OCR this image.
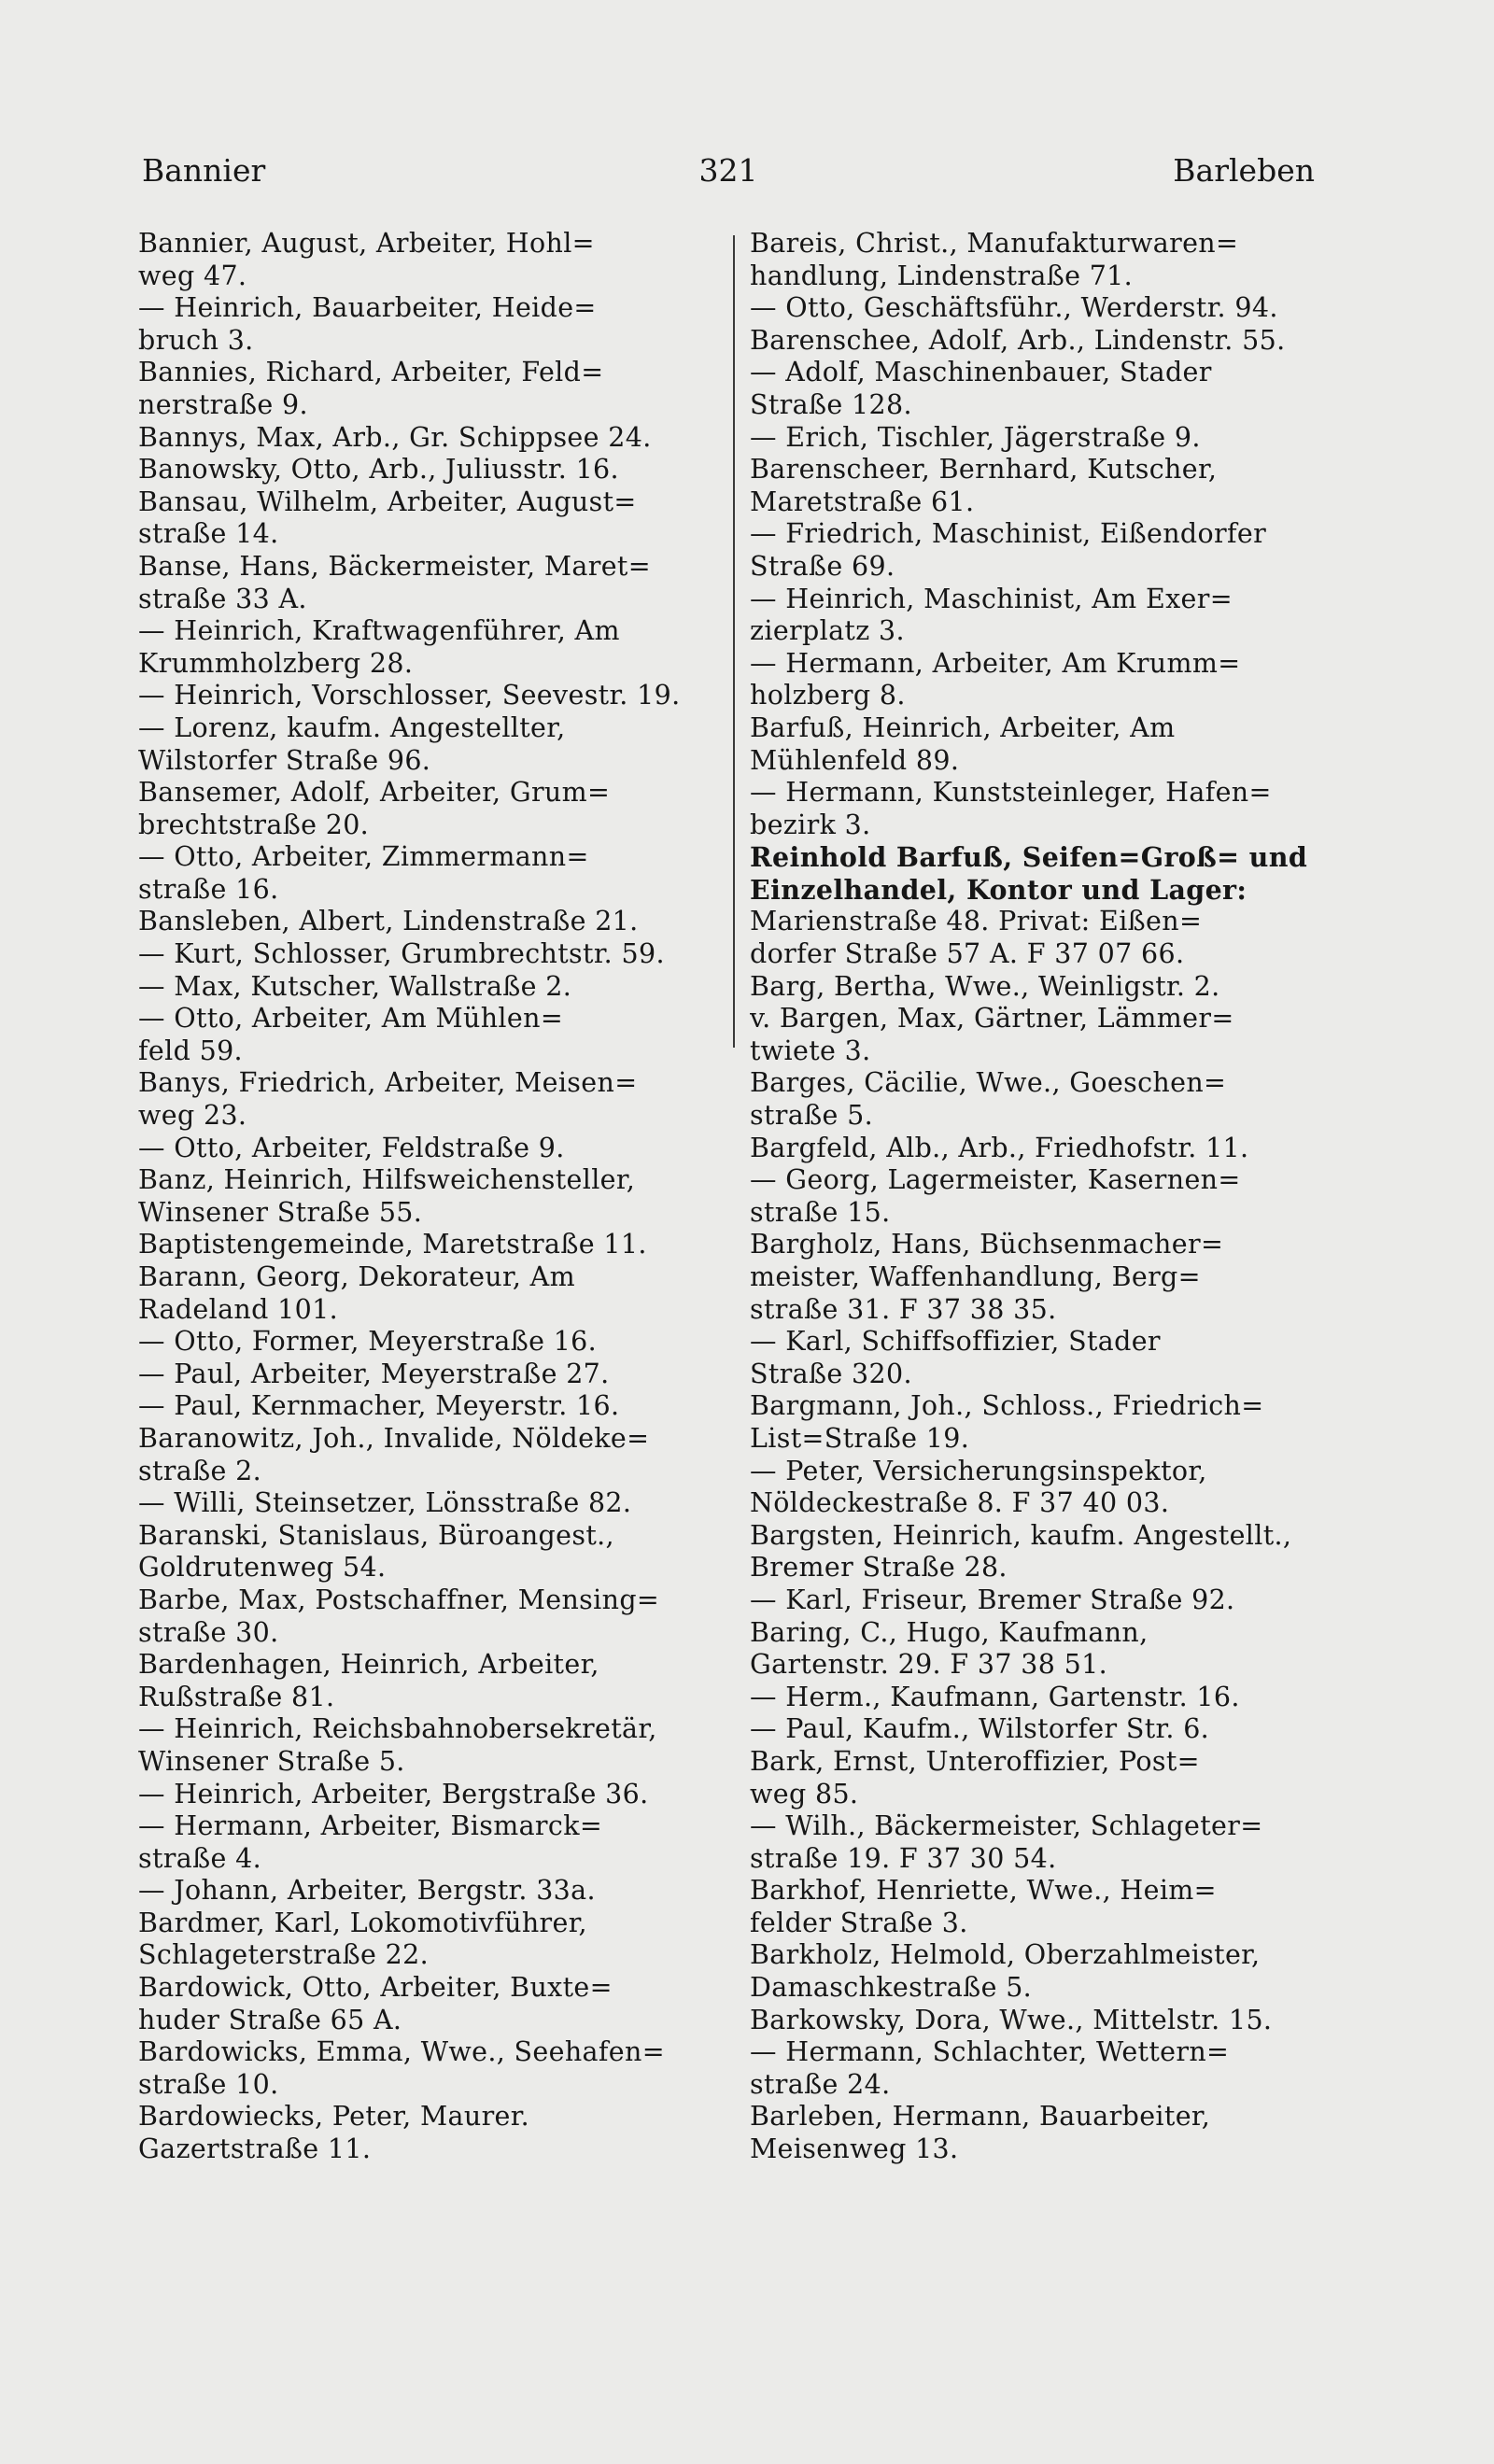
Bannier	321	Barleben
Bannier, August, Arbeiter, Hohl=
weg 47.
— Heinrich, Bauarbeiter, Heide=
bruch 3.
Bannies, Richard, Arbeiter, Feld=
nerstraße 9.
Bannys, Max, Arb., Gr. Schippsee 24.
Banowsky, Otto, Arb., Juliusstr. 16.
Bansau, Wilhelm, Arbeiter, August=
straße 14.
Banse, Hans, Bäckermeister, Maret=
straße 33 A.
— Heinrich, Kraftwagenführer, Am
Krummholzberg 28.
— Heinrich, Vorschlosser, Seevestr. 19.
— Lorenz, kaufm. Angestellter,
Wilstorfer Straße 96.
Bansemer, Adolf, Arbeiter, Grum=
brechtstraße 20.
— Otto, Arbeiter, Zimmermann=
straße 16.
Bansleben, Albert, Lindenstraße 21.
— Kurt, Schlosser, Grumbrechtstr. 59.
— Max, Kutscher, Wallstraße 2.
— Otto, Arbeiter, Am Mühlen=
feld 59.
Banys, Friedrich, Arbeiter, Meisen=
weg 23.
— Otto, Arbeiter, Feldstraße 9.
Banz, Heinrich, Hilfsweichensteller,
Winsener Straße 55.
Baptistengemeinde, Maretstraße 11.
Barann, Georg, Dekorateur, Am
Radeland 101.
— Otto, Former, Meyerstraße 16.
— Paul, Arbeiter, Meyerstraße 27.
— Paul, Kernmacher, Meyerstr. 16.
Baranowitz, Joh., Invalide, Nöldeke=
straße 2.
— Willi, Steinsetzer, Lönsstraße 82.
Baranski, Stanislaus, Büroangest.,
Goldrutenweg 54.
Barbe, Max, Postschaffner, Mensing=
straße 30.
Bardenhagen, Heinrich, Arbeiter,
Rußstraße 81.
— Heinrich, Reichsbahnobersekretär,
Winsener Straße 5.
— Heinrich, Arbeiter, Bergstraße 36.
— Hermann, Arbeiter, Bismarck=
straße 4.
— Johann, Arbeiter, Bergstr. 33a.
Bardmer, Karl, Lokomotivführer,
Schlageterstraße 22.
Bardowick, Otto, Arbeiter, Buxte=
huder Straße 65 A.
Bardowicks, Emma, Wwe., Seehafen=
straße 10.
Bardowiecks, Peter, Maurer.
Gazertstraße 11.
Bareis, Christ., Manufakturwaren=
handlung, Lindenstraße 71.
— Otto, Geschäftsführ., Werderstr. 94.
Barenschee, Adolf, Arb., Lindenstr. 55.
— Adolf, Maschinenbauer, Stader
Straße 128.
— Erich, Tischler, Jägerstraße 9.
Barenscheer, Bernhard, Kutscher,
Maretstraße 61.
— Friedrich, Maschinist, Eißendorfer
Straße 69.
— Heinrich, Maschinist, Am Exer=
zierplatz 3.
— Hermann, Arbeiter, Am Krumm=
holzberg 8.
Barfuß, Heinrich, Arbeiter, Am
Mühlenfeld 89.
— Hermann, Kunststeinleger, Hafen=
bezirk 3.
Reinhold Barfuß, Seifen=Groß= und
Einzelhandel, Kontor und Lager:
Marienstraße 48. Privat: Eißen=
dorfer Straße 57 A. F 37 07 66.
Barg, Bertha, Wwe., Weinligstr. 2.
v. Bargen, Max, Gärtner, Lämmer=
twiete 3.
Barges, Cäcilie, Wwe., Goeschen=
straße 5.
Bargfeld, Alb., Arb., Friedhofstr. 11.
— Georg, Lagermeister, Kasernen=
straße 15.
Bargholz, Hans, Büchsenmacher=
meister, Waffenhandlung, Berg=
straße 31. F 37 38 35.
— Karl, Schiffsoffizier, Stader
Straße 320.
Bargmann, Joh., Schloss., Friedrich=
List=Straße 19.
— Peter, Versicherungsinspektor,
Nöldeckestraße 8. F 37 40 03.
Bargsten, Heinrich, kaufm. Angestellt.,
Bremer Straße 28.
— Karl, Friseur, Bremer Straße 92.
Baring, C., Hugo, Kaufmann,
Gartenstr. 29. F 37 38 51.
— Herm., Kaufmann, Gartenstr. 16.
— Paul, Kaufm., Wilstorfer Str. 6.
Bark, Ernst, Unteroffizier, Post=
weg 85.
— Wilh., Bäckermeister, Schlageter=
straße 19. F 37 30 54.
Barkhof, Henriette, Wwe., Heim=
felder Straße 3.
Barkholz, Helmold, Oberzahlmeister,
Damaschkestraße 5.
Barkowsky, Dora, Wwe., Mittelstr. 15.
— Hermann, Schlachter, Wettern=
straße 24.
Barleben, Hermann, Bauarbeiter,
Meisenweg 13.
